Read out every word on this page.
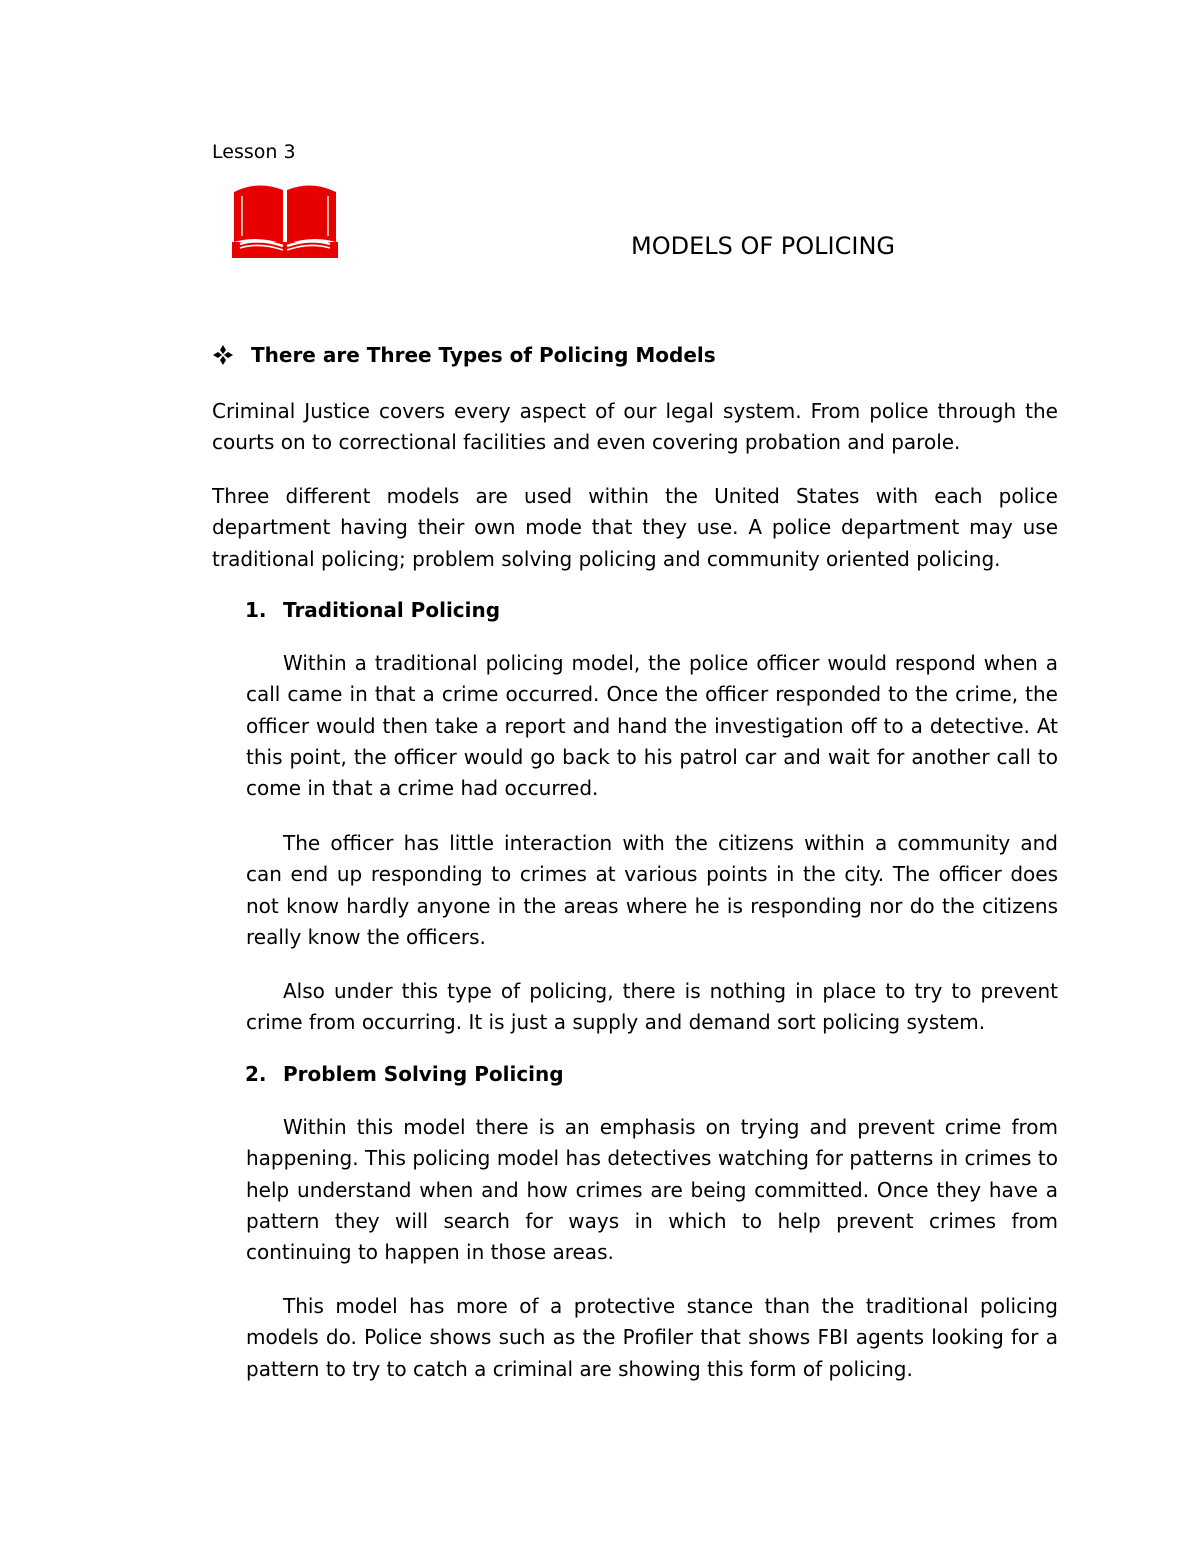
Lesson 3
MODELS OF POLICING
There are Three Types of Policing Models

Criminal Justice covers every aspect of our legal system. From police through the courts on to correctional facilities and even covering probation and parole.

Three different models are used within the United States with each police department having their own mode that they use. A police department may use traditional policing; problem solving policing and community oriented policing.

1. Traditional Policing

Within a traditional policing model, the police officer would respond when a call came in that a crime occurred. Once the officer responded to the crime, the officer would then take a report and hand the investigation off to a detective. At this point, the officer would go back to his patrol car and wait for another call to come in that a crime had occurred.

The officer has little interaction with the citizens within a community and can end up responding to crimes at various points in the city. The officer does not know hardly anyone in the areas where he is responding nor do the citizens really know the officers.

Also under this type of policing, there is nothing in place to try to prevent crime from occurring. It is just a supply and demand sort policing system.

2. Problem Solving Policing

Within this model there is an emphasis on trying and prevent crime from happening. This policing model has detectives watching for patterns in crimes to help understand when and how crimes are being committed. Once they have a pattern they will search for ways in which to help prevent crimes from continuing to happen in those areas.

This model has more of a protective stance than the traditional policing models do. Police shows such as the Profiler that shows FBI agents looking for a pattern to try to catch a criminal are showing this form of policing.
